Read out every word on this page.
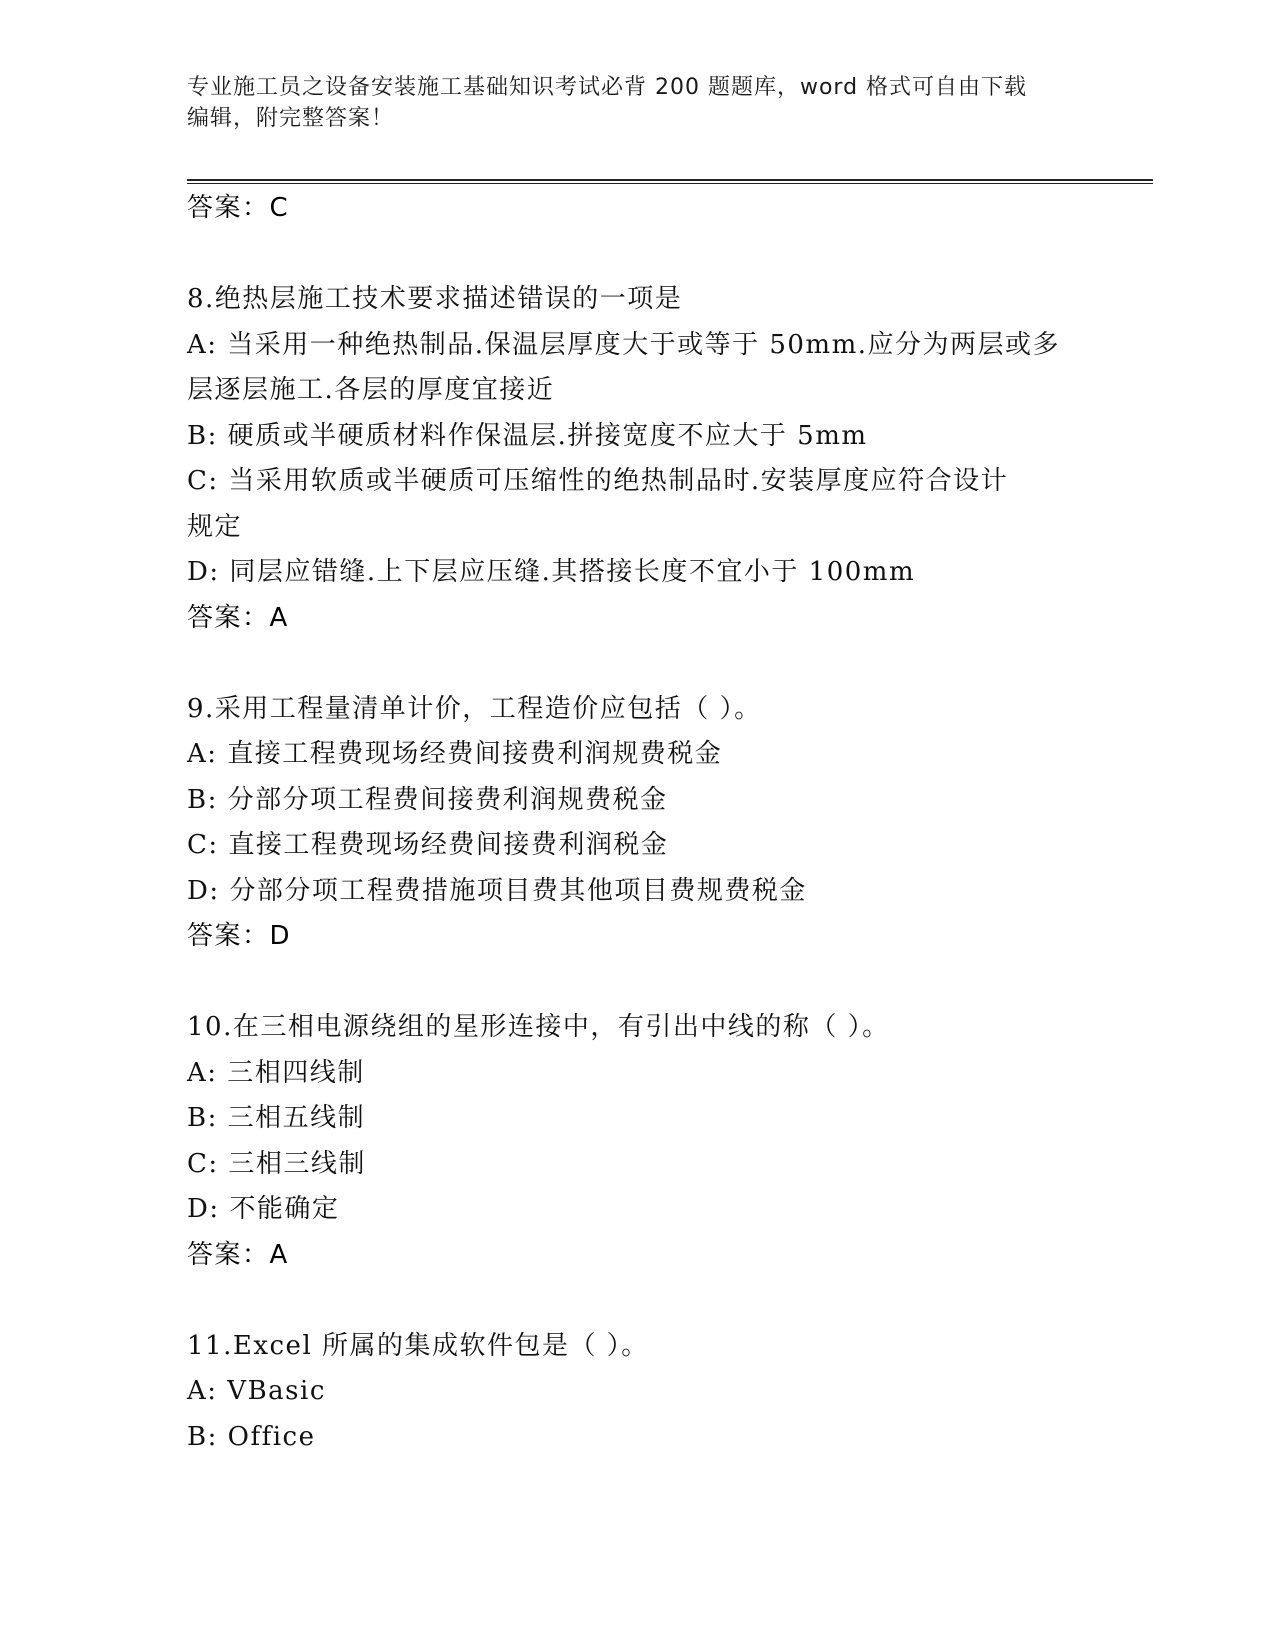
专业施工员之设备安装施工基础知识考试必背 200 题题库，word 格式可自由下载
编辑，附完整答案！
答案：C
8.绝热层施工技术要求描述错误的一项是
A: 当采用一种绝热制品.保温层厚度大于或等于 50mm.应分为两层或多
层逐层施工.各层的厚度宜接近
B: 硬质或半硬质材料作保温层.拼接宽度不应大于 5mm
C: 当采用软质或半硬质可压缩性的绝热制品时.安装厚度应符合设计
规定
D: 同层应错缝.上下层应压缝.其搭接长度不宜小于 100mm
答案：A
9.采用工程量清单计价，工程造价应包括（ ）。
A: 直接工程费现场经费间接费利润规费税金
B: 分部分项工程费间接费利润规费税金
C: 直接工程费现场经费间接费利润税金
D: 分部分项工程费措施项目费其他项目费规费税金
答案：D
10.在三相电源绕组的星形连接中，有引出中线的称（ ）。
A: 三相四线制
B: 三相五线制
C: 三相三线制
D: 不能确定
答案：A
11.Excel 所属的集成软件包是（ ）。
A: VBasic
B: Office
